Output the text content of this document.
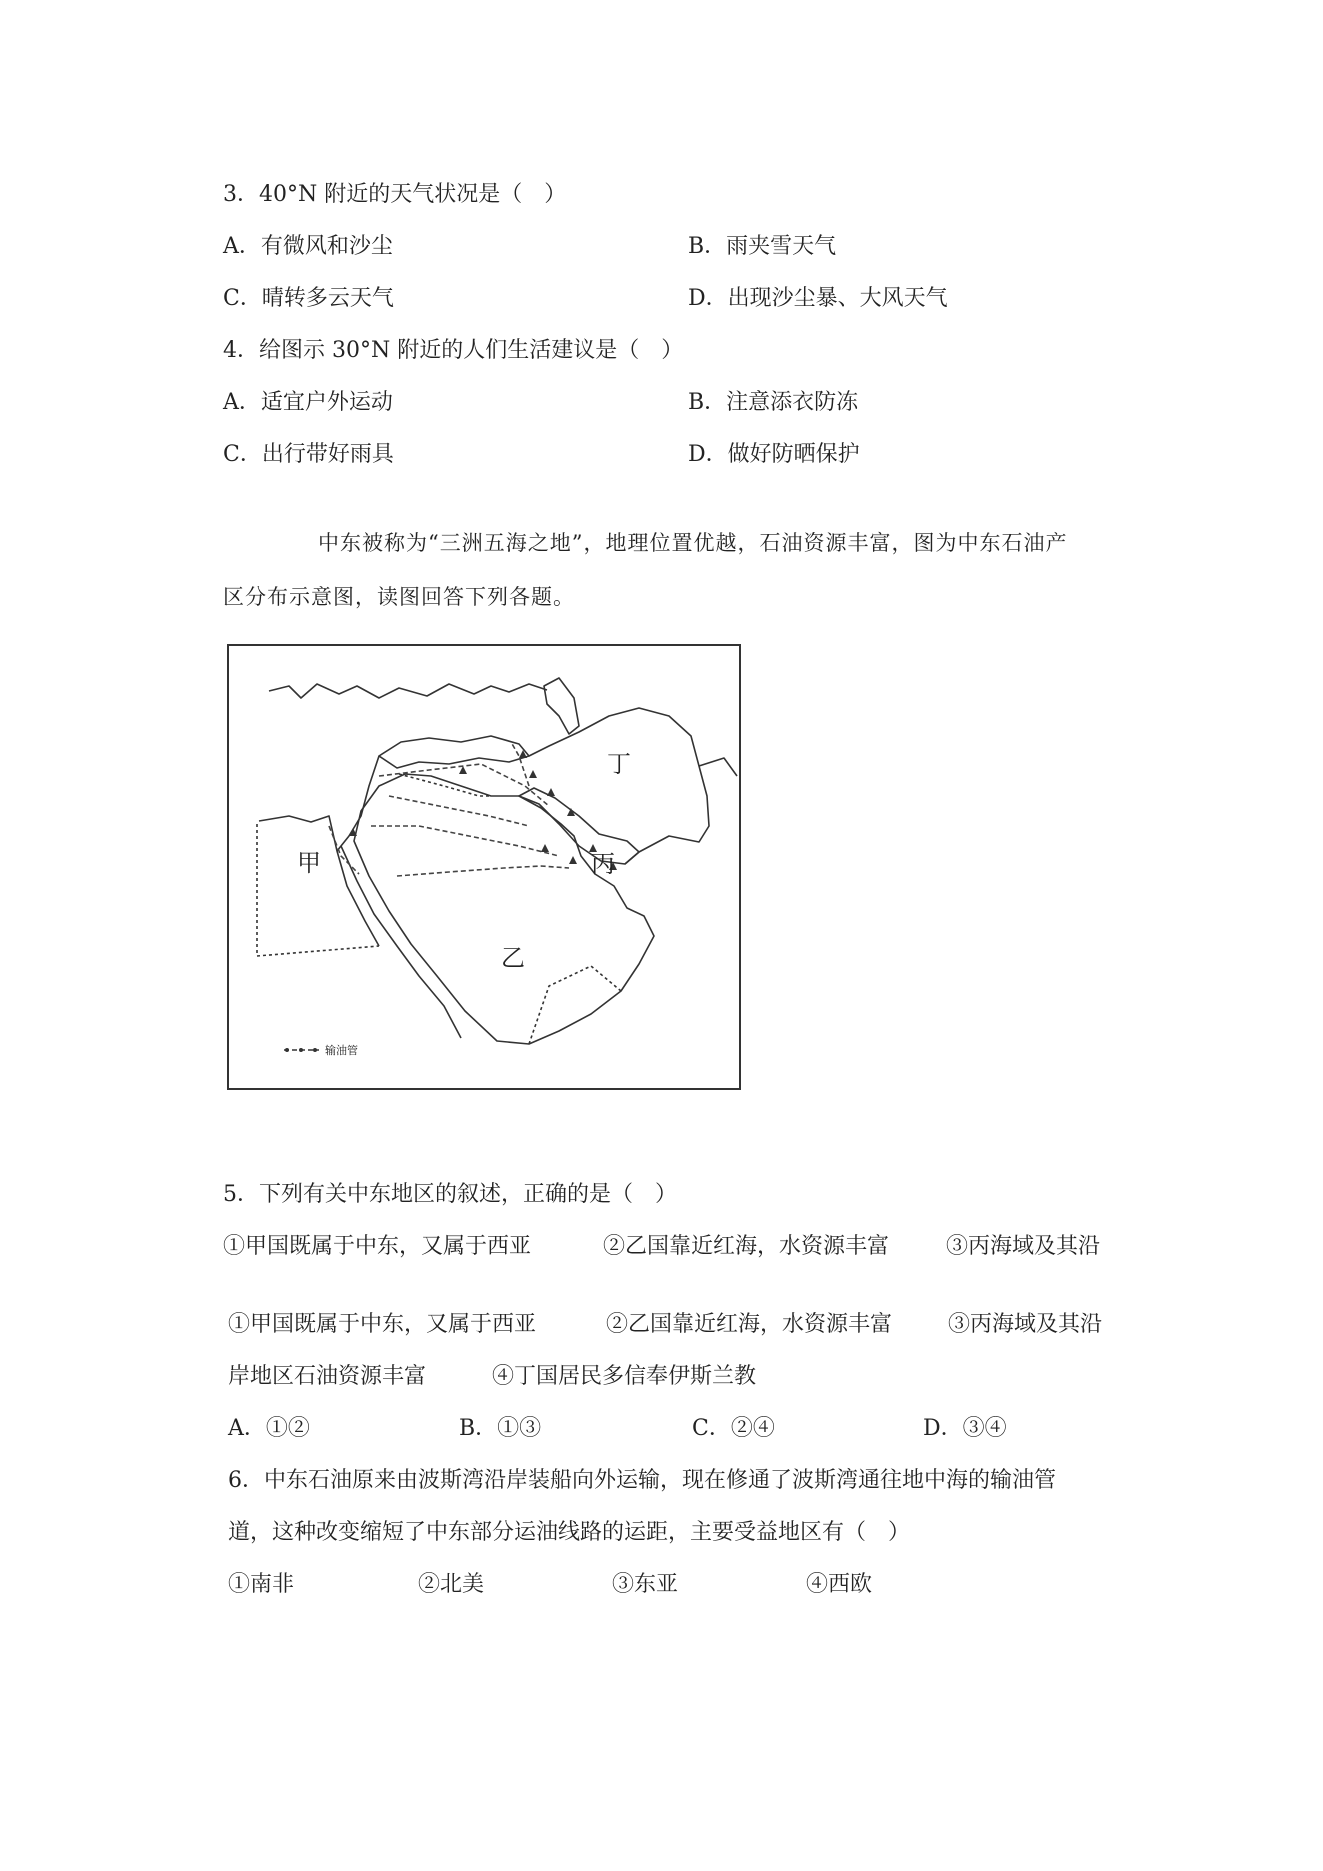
3．40°N 附近的天气状况是（　）
A．有微风和沙尘	B．雨夹雪天气
C．晴转多云天气	D．出现沙尘暴、大风天气
4．给图示 30°N 附近的人们生活建议是（　）
A．适宜户外运动	B．注意添衣防冻
C．出行带好雨具	D．做好防晒保护
中东被称为“三洲五海之地”，地理位置优越，石油资源丰富，图为中东石油产
区分布示意图，读图回答下列各题。
甲
乙
丙
丁
输油管
5．下列有关中东地区的叙述，正确的是（　）
①甲国既属于中东，又属于西亚	②乙国靠近红海，水资源丰富	③丙海域及其沿
①甲国既属于中东，又属于西亚	②乙国靠近红海，水资源丰富	③丙海域及其沿
岸地区石油资源丰富	④丁国居民多信奉伊斯兰教
A．①②	B．①③	C．②④	D．③④
6．中东石油原来由波斯湾沿岸装船向外运输，现在修通了波斯湾通往地中海的输油管
道，这种改变缩短了中东部分运油线路的运距，主要受益地区有（　）
①南非	②北美	③东亚	④西欧
